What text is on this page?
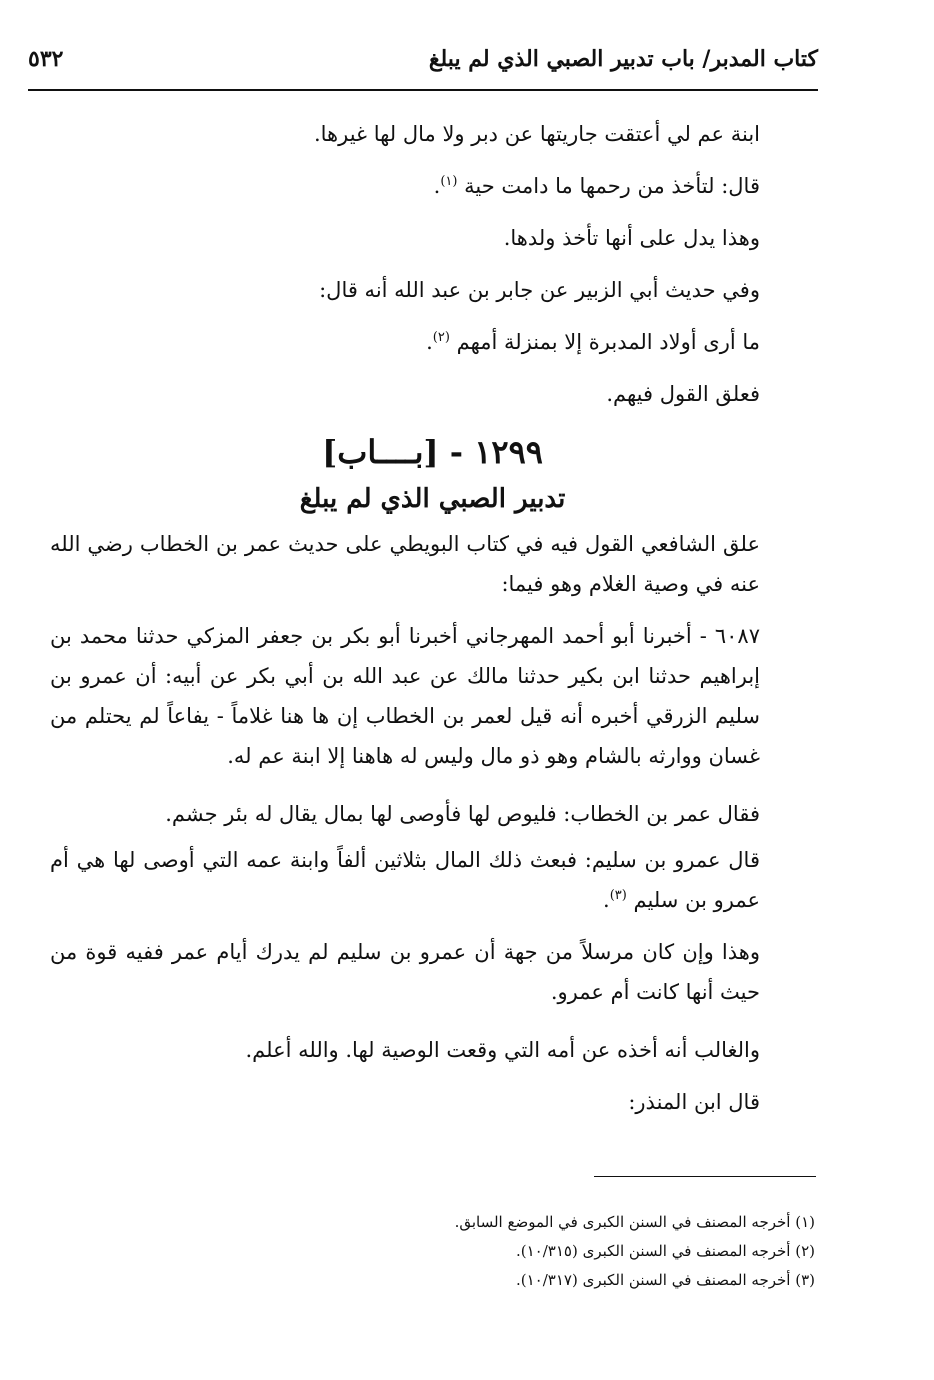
كتاب المدبر/ باب تدبير الصبي الذي لم يبلغ
٥٣٢

ابنة عم لي أعتقت جاريتها عن دبر ولا مال لها غيرها.

قال: لتأخذ من رحمها ما دامت حية $^{(١)}$.

وهذا يدل على أنها تأخذ ولدها.

وفي حديث أبي الزبير عن جابر بن عبد الله أنه قال:

ما أرى أولاد المدبرة إلا بمنزلة أمهم $^{(٢)}$.

فعلق القول فيهم.

١٢٩٩ - [بــــاب]
تدبير الصبي الذي لم يبلغ

علق الشافعي القول فيه في كتاب البويطي على حديث عمر بن الخطاب رضي الله عنه في وصية الغلام وهو فيما:

٦٠٨٧ - أخبرنا أبو أحمد المهرجاني أخبرنا أبو بكر بن جعفر المزكي حدثنا محمد بن إبراهيم حدثنا ابن بكير حدثنا مالك عن عبد الله بن أبي بكر عن أبيه: أن عمرو بن سليم الزرقي أخبره أنه قيل لعمر بن الخطاب إن ها هنا غلاماً - يفاعاً لم يحتلم من غسان ووارثه بالشام وهو ذو مال وليس له هاهنا إلا ابنة عم له.

فقال عمر بن الخطاب: فليوص لها فأوصى لها بمال يقال له بئر جشم.

قال عمرو بن سليم: فبعث ذلك المال بثلاثين ألفاً وابنة عمه التي أوصى لها هي أم عمرو بن سليم $^{(٣)}$.

وهذا وإن كان مرسلاً من جهة أن عمرو بن سليم لم يدرك أيام عمر ففيه قوة من حيث أنها كانت أم عمرو.

والغالب أنه أخذه عن أمه التي وقعت الوصية لها. والله أعلم.

قال ابن المنذر:

(١) أخرجه المصنف في السنن الكبرى في الموضع السابق.

(٢) أخرجه المصنف في السنن الكبرى (١٠/٣١٥).

(٣) أخرجه المصنف في السنن الكبرى (١٠/٣١٧).
